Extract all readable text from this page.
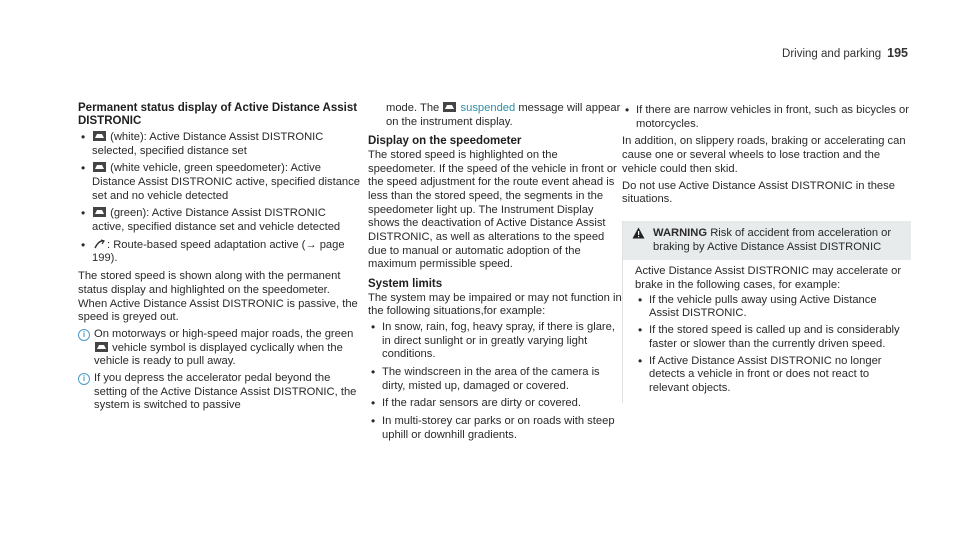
Driving and parking 195
Permanent status display of Active Distance Assist DISTRONIC
• (white): Active Distance Assist DISTRONIC selected, specified distance set
• (white vehicle, green speedometer): Active Distance Assist DISTRONIC active, specified distance set and no vehicle detected
• (green): Active Distance Assist DISTRONIC active, specified distance set and vehicle detected
• : Route-based speed adaptation active (→ page 199).

The stored speed is shown along with the permanent status display and highlighted on the speedometer. When Active Distance Assist DISTRONIC is passive, the speed is greyed out.

i On motorways or high-speed major roads, the green  vehicle symbol is displayed cyclically when the vehicle is ready to pull away.
i If you depress the accelerator pedal beyond the setting of the Active Distance Assist DISTRONIC, the system is switched to passive

mode. The suspended message will appear on the instrument display.

Display on the speedometer

The stored speed is highlighted on the speedometer. If the speed of the vehicle in front or the speed adjustment for the route event ahead is less than the stored speed, the segments in the speedometer light up. The Instrument Display shows the deactivation of Active Distance Assist DISTRONIC, as well as alterations to the speed due to manual or automatic adoption of the maximum permissible speed.

System limits

The system may be impaired or may not function in the following situations,for example:

• In snow, rain, fog, heavy spray, if there is glare, in direct sunlight or in greatly varying light conditions.
• The windscreen in the area of the camera is dirty, misted up, damaged or covered.
• If the radar sensors are dirty or covered.
• In multi-storey car parks or on roads with steep uphill or downhill gradients.
• If there are narrow vehicles in front, such as bicycles or motorcycles.

In addition, on slippery roads, braking or accelerating can cause one or several wheels to lose traction and the vehicle could then skid.

Do not use Active Distance Assist DISTRONIC in these situations.

WARNING Risk of accident from acceleration or braking by Active Distance Assist DISTRONIC

Active Distance Assist DISTRONIC may accelerate or brake in the following cases, for example:

• If the vehicle pulls away using Active Distance Assist DISTRONIC.
• If the stored speed is called up and is considerably faster or slower than the currently driven speed.
• If Active Distance Assist DISTRONIC no longer detects a vehicle in front or does not react to relevant objects.
